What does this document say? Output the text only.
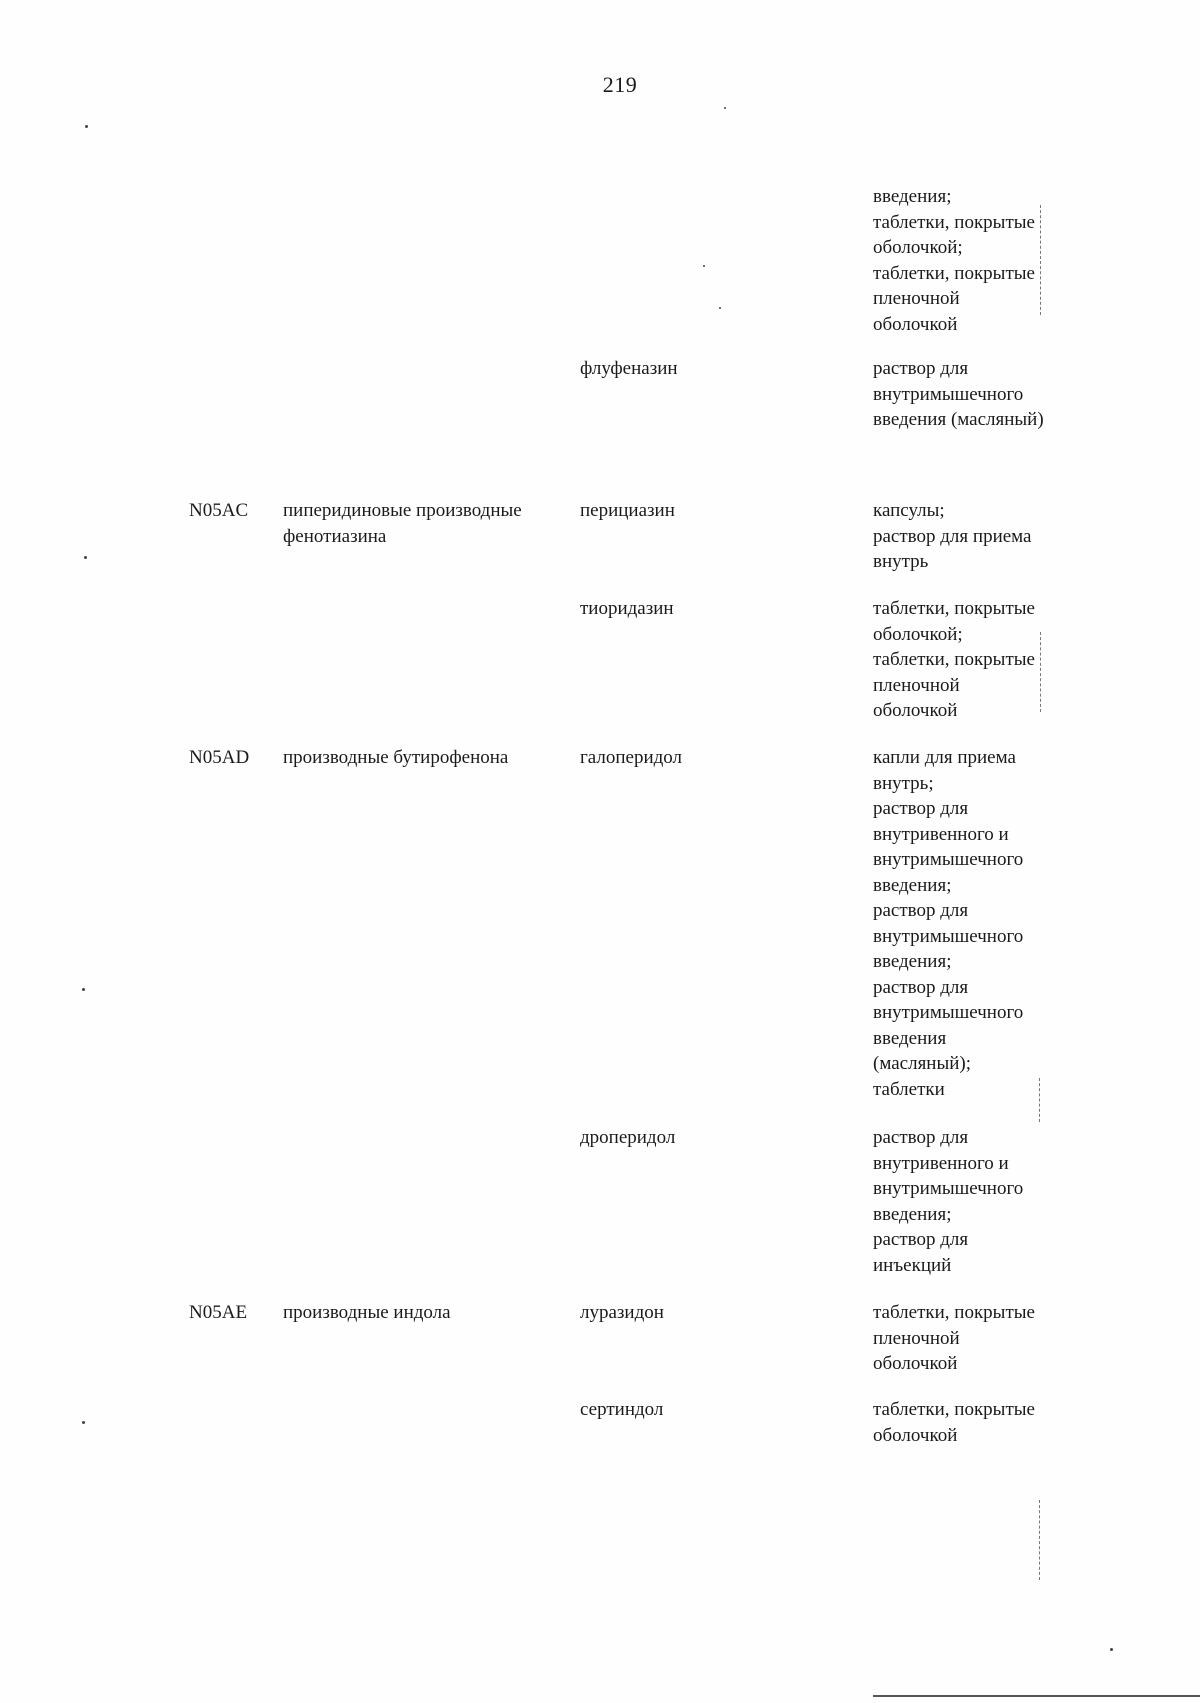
219
введения;
таблетки, покрытые
оболочкой;
таблетки, покрытые
пленочной
оболочкой
флуфеназин	раствор для
внутримышечного
введения (масляный)
N05AC пиперидиновые производные
фенотиазина
перициазин	капсулы;
раствор для приема
внутрь
тиоридазин	таблетки, покрытые
оболочкой;
таблетки, покрытые
пленочной
оболочкой
N05AD производные бутирофенона	галоперидол	капли для приема
внутрь;
раствор для
внутривенного и
внутримышечного
введения;
раствор для
внутримышечного
введения;
раствор для
внутримышечного
введения
(масляный);
таблетки
дроперидол	раствор для
внутривенного и
внутримышечного
введения;
раствор для
инъекций
N05AE производные индола	луразидон	таблетки, покрытые
пленочной
оболочкой
сертиндол	таблетки, покрытые
оболочкой
